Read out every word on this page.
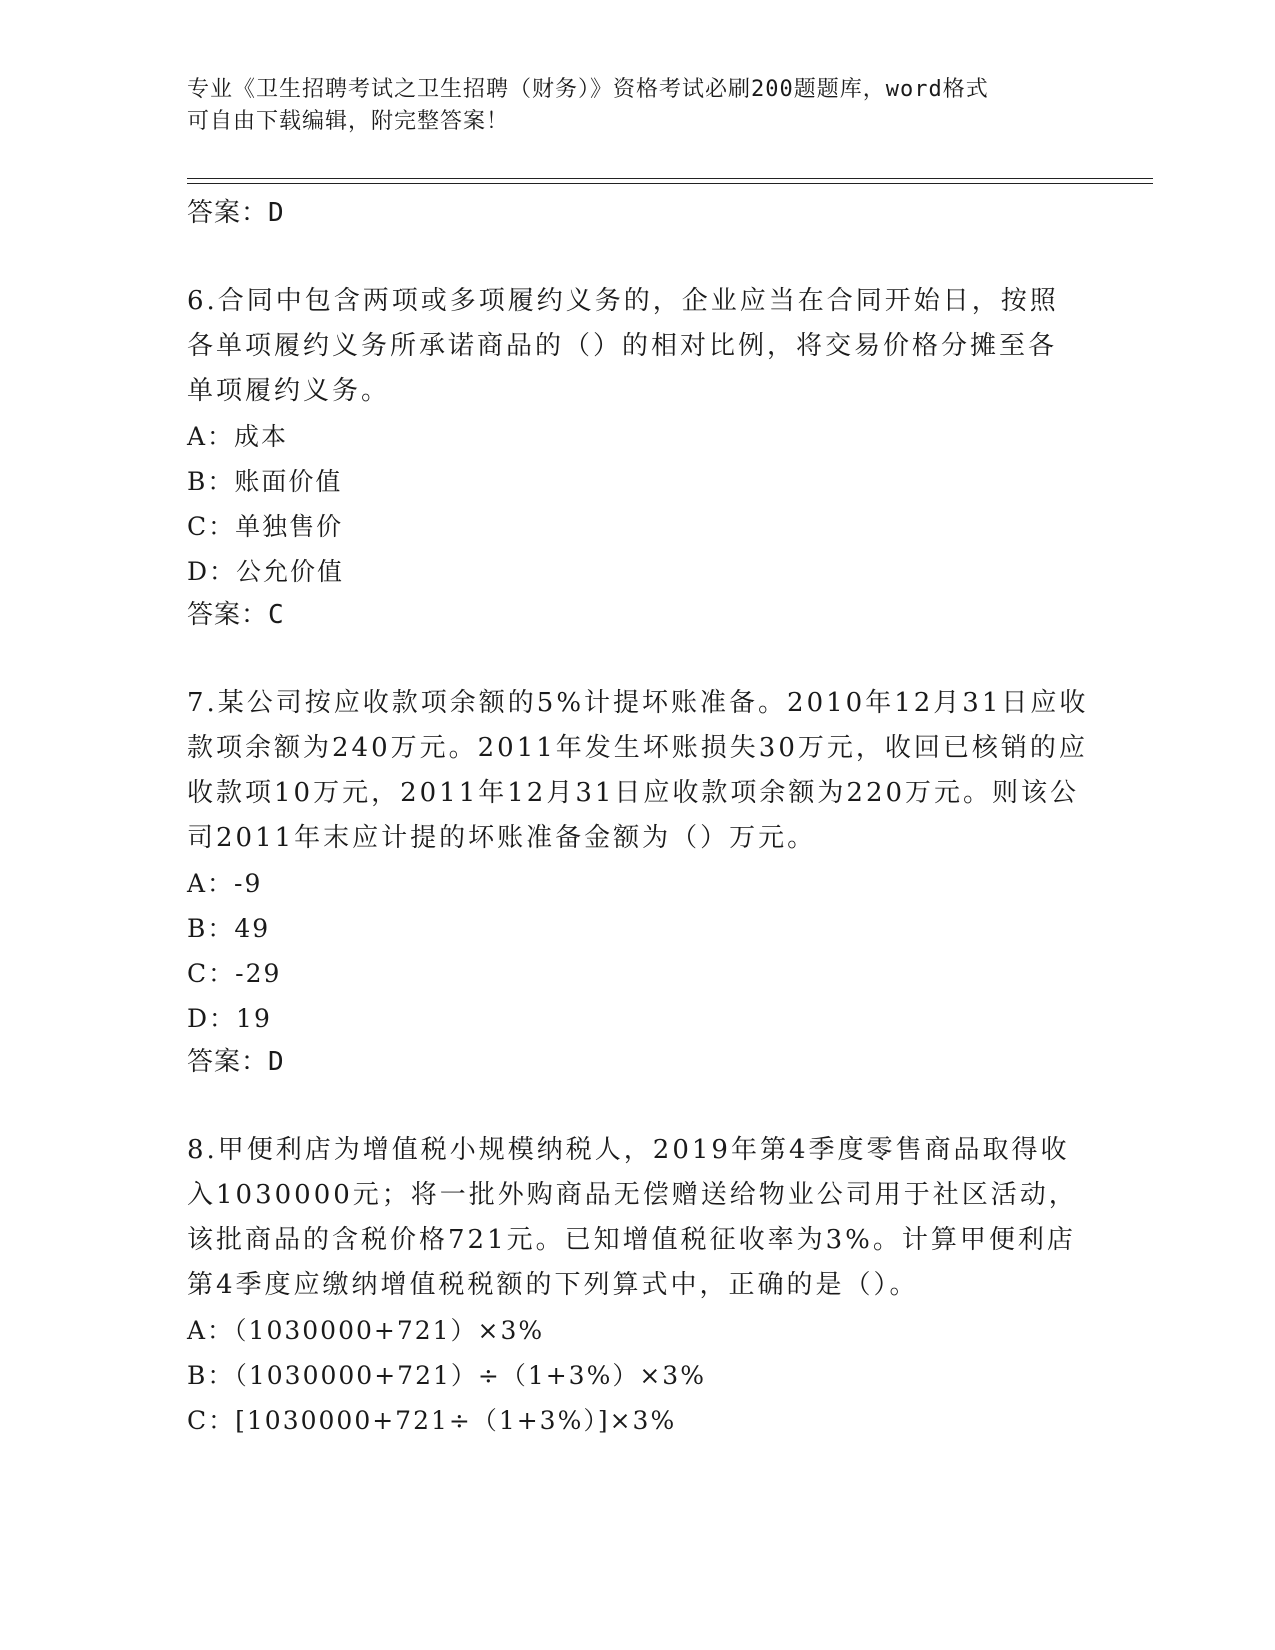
专业《卫生招聘考试之卫生招聘（财务）》资格考试必刷200题题库，word格式
可自由下载编辑，附完整答案！
答案：D
6.合同中包含两项或多项履约义务的，企业应当在合同开始日，按照
各单项履约义务所承诺商品的（）的相对比例，将交易价格分摊至各
单项履约义务。
A：成本
B：账面价值
C：单独售价
D：公允价值
答案：C
7.某公司按应收款项余额的5%计提坏账准备。2010年12月31日应收
款项余额为240万元。2011年发生坏账损失30万元，收回已核销的应
收款项10万元，2011年12月31日应收款项余额为220万元。则该公
司2011年末应计提的坏账准备金额为（）万元。
A：-9
B：49
C：-29
D：19
答案：D
8.甲便利店为增值税小规模纳税人，2019年第4季度零售商品取得收
入1030000元；将一批外购商品无偿赠送给物业公司用于社区活动，
该批商品的含税价格721元。已知增值税征收率为3%。计算甲便利店
第4季度应缴纳增值税税额的下列算式中，正确的是（）。
A：（1030000+721）×3%
B：（1030000+721）÷（1+3%）×3%
C：[1030000+721÷（1+3%）]×3%
